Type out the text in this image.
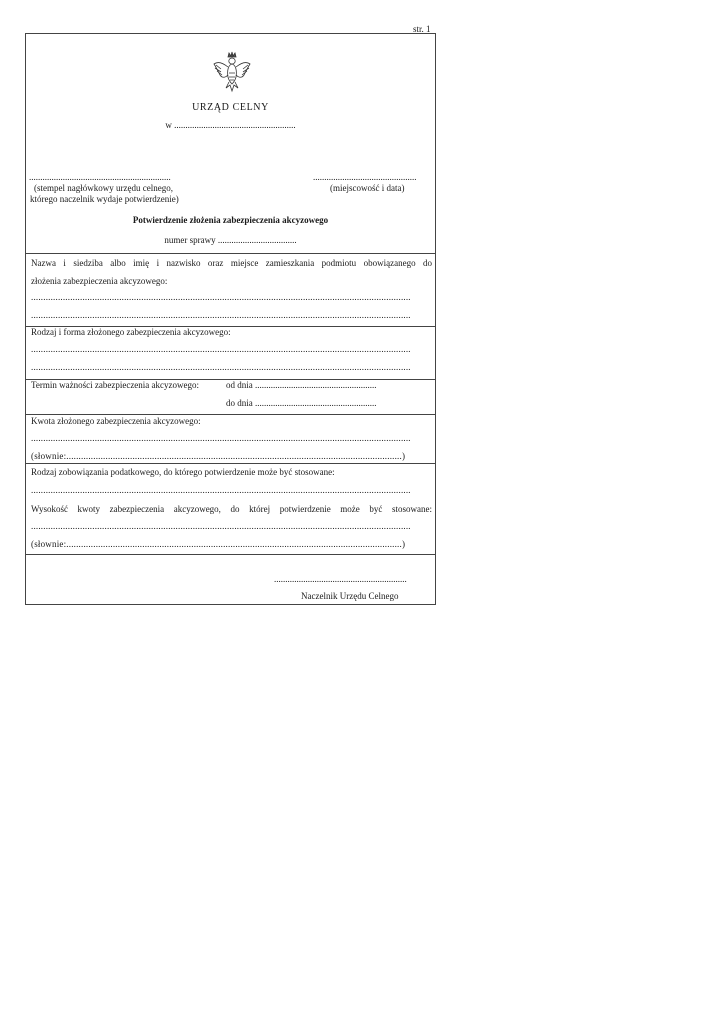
str. 1
URZĄD CELNY
w ......................................................
...............................................................
(stempel nagłówkowy urzędu celnego,
którego naczelnik wydaje potwierdzenie)
..............................................
(miejscowość i data)
Potwierdzenie złożenia zabezpieczenia akcyzowego
numer sprawy ...................................
Nazwa i siedziba albo imię i nazwisko oraz miejsce zamieszkania podmiotu obowiązanego do
złożenia zabezpieczenia akcyzowego:
...........................................................................................................................................................
...........................................................................................................................................................
Rodzaj i forma złożonego zabezpieczenia akcyzowego:
...........................................................................................................................................................
...........................................................................................................................................................
Termin ważności zabezpieczenia akcyzowego:	od dnia ......................................................
do dnia ......................................................
Kwota złożonego zabezpieczenia akcyzowego:
...........................................................................................................................................................
(słownie:.........................................................................................................................................)
Rodzaj zobowiązania podatkowego, do którego potwierdzenie może być stosowane:
...........................................................................................................................................................
Wysokość kwoty zabezpieczenia akcyzowego, do której potwierdzenie może być stosowane:
...........................................................................................................................................................
(słownie:.........................................................................................................................................)
...........................................................
Naczelnik Urzędu Celnego
